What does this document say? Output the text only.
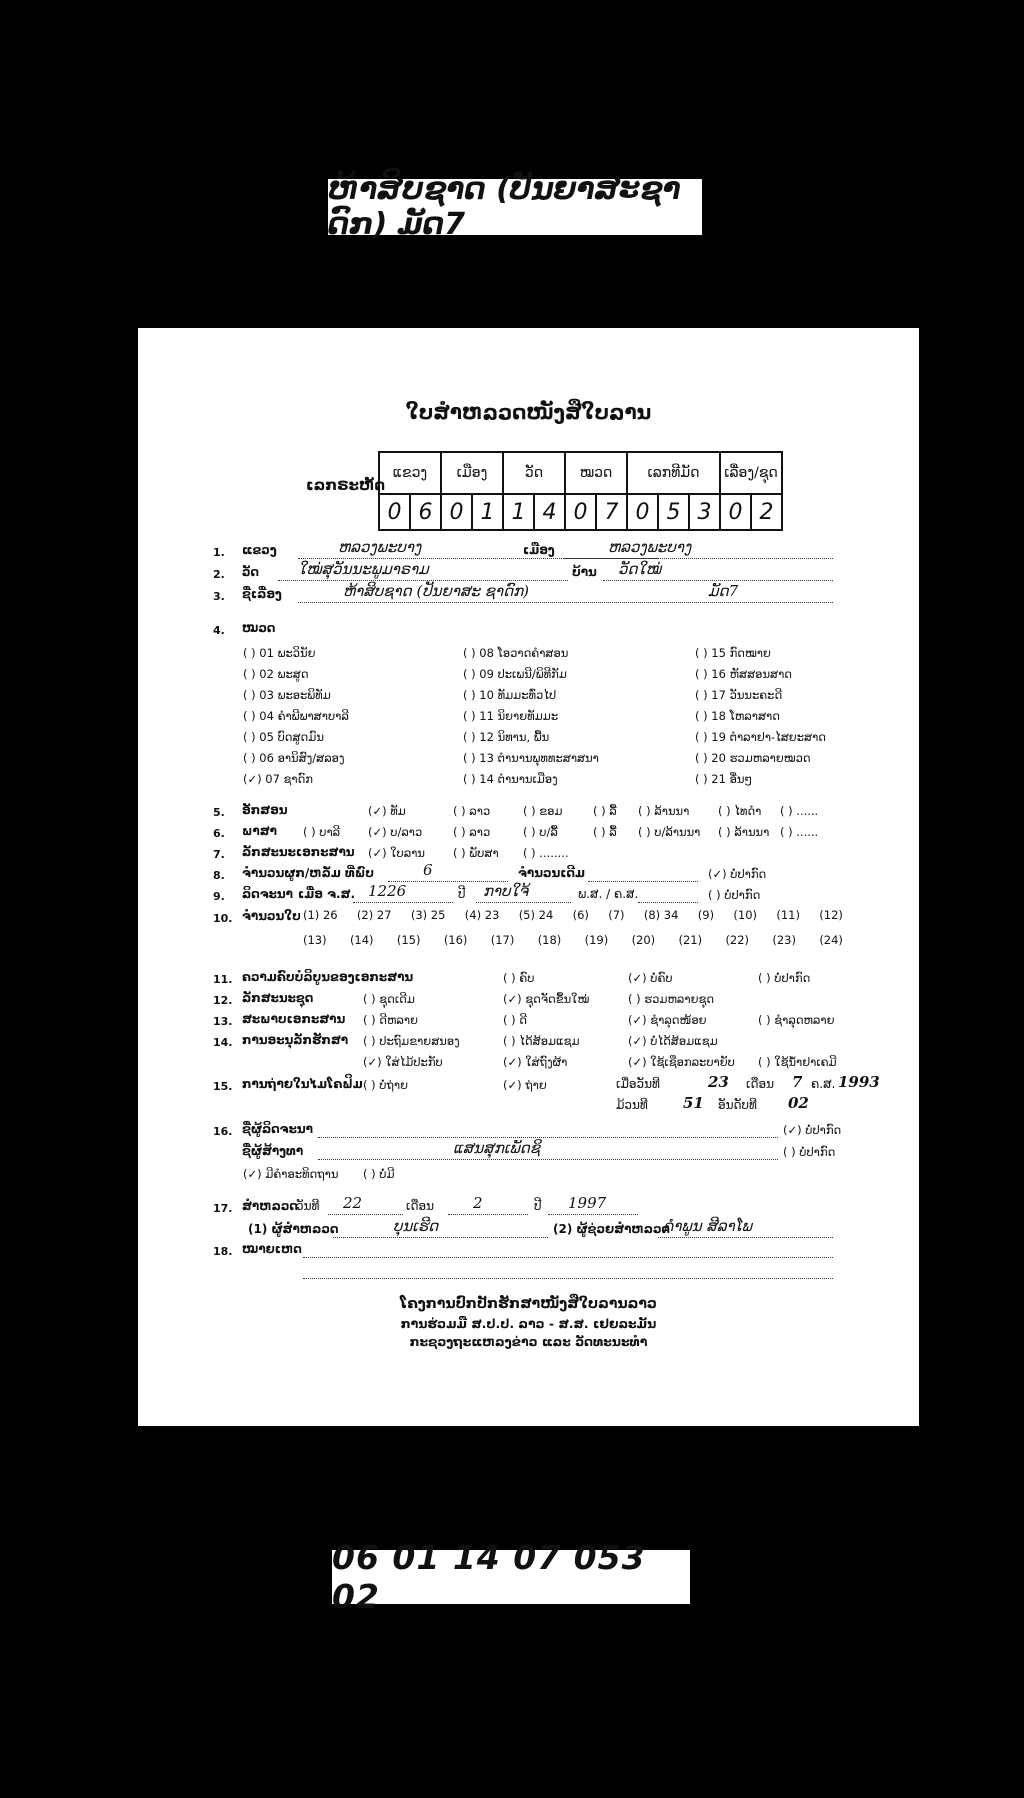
ຫ້າສິບຊາດ (ປັນຍາສະຊາດົກ) ມັດ7
ໃບສຳຫລວດໜັງສືໃບລານ
ເລກຣະຫັດ
ແຂວງ		ເມືອງ		ວັດ		ໝວດ		ເລກທີມັດ			ເລື່ອງ/ຊຸດ	
0	6	0	1	1	4	0	7	0	5	3	0	2
1. ແຂວງ	ຫລວງພະບາງ	ເມືອງ	ຫລວງພະບາງ
2. ວັດ	ໃໝ່ສຸວັນນະພູມາຣາມ	ບ້ານ ວັດໃໝ່
3. ຊື່ເລື່ອງ	ຫ້າສິບຊາດ (ປັນຍາສະ ຊາດົກ)	ມັດ7
4. ໝວດ
( ) 01 ພະວິນັຍ
( ) 02 ພະສູດ
( ) 03 ພະອະພິທັມ
( ) 04 ຄຳພີພາສາບາລີ
( ) 05 ບົດສູດມົນ
( ) 06 ອານິສົງ/ສລອງ
(✓) 07 ຊາດົກ
( ) 08 ໂອວາດຄຳສອນ
( ) 09 ປະເພນີ/ພິທີກັມ
( ) 10 ທັມມະທົ່ວໄປ
( ) 11 ນິຍາຍທັມມະ
( ) 12 ນິທານ, ພື້ນ
( ) 13 ຕຳນານພຸທທະສາສນາ
( ) 14 ຕຳນານເມືອງ
( ) 15 ກົດໝາຍ
( ) 16 ຫັສສອນສາດ
( ) 17 ວັນນະຄະດີ
( ) 18 ໂຫລາສາດ
( ) 19 ຕຳລາຢາ-ໄສຍະສາດ
( ) 20 ຮວມຫລາຍໝວດ
( ) 21 ອື່ນໆ
5. ອັກສອນ	(✓) ທັມ	( ) ລາວ	( ) ຂອມ	( ) ລື້ ( ) ລ້ານນາ ( ) ໄທດຳ ( ) ......
6. ພາສາ ( ) ບາລີ (✓) ບ/ລາວ	( ) ລາວ	( ) ບ/ລື້	( ) ລື້ ( ) ບ/ລ້ານນາ ( ) ລ້ານນາ ( ) ......
7. ລັກສະນະເອກະສານ (✓) ໃບລານ ( ) ພັບສາ ( ) ........
8. ຈຳນວນຜູກ/ຫລັ່ມ ທີ່ພົບ	6	ຈຳນວນເດີມ	(✓) ບໍ່ປາກົດ
9. ລິດຈະນາ ເມື່ອ ຈ.ສ. 1226	ປີ ກາບໃຈ້	ພ.ສ. / ຄ.ສ.	( ) ບໍ່ປາກົດ
10. ຈຳນວນໃບ (1) 26 (2) 27 (3) 25 (4) 23 (5) 24 (6) (7) (8) 34 (9) (10) (11) (12)
(13) (14) (15) (16) (17) (18) (19) (20) (21) (22) (23) (24)
11. ຄວາມຄົບບໍລິບູນຂອງເອກະສານ	( ) ຄົບ	(✓) ບໍ່ຄົບ	( ) ບໍ່ປາກົດ
12. ລັກສະນະຊຸດ	( ) ຊຸດເດີມ	(✓) ຊຸດຈັດຂຶ້ນໃໝ່	( ) ຮວມຫລາຍຊຸດ
13. ສະພາບເອກະສານ ( ) ດີຫລາຍ	( ) ດີ	(✓) ຊຳລຸດໜ້ອຍ	( ) ຊຳລຸດຫລາຍ
14. ການອະນຸລັກຮັກສາ ( ) ປະຖົມຂາຍສນອງ	( ) ໄດ້ສ້ອມແຊມ	(✓) ບໍ່ໄດ້ສ້ອມແຊມ
(✓) ໃສ່ໄມ້ປະກັບ	(✓) ໃສ່ຖົງຜ້າ	(✓) ໃຊ້ເຊືອກລະບາຍັບ ( ) ໃຊ້ນ້ຳຢາເຄມີ
15. ການຖ່າຍໃນໄມໂຄຟິມ ( ) ບໍ່ຖ່າຍ	(✓) ຖ່າຍ	ເມື່ອວັນທີ	23 ເດືອນ 7 ຄ.ສ. 1993
ມ້ວນທີ 51 ອັນດັບທີ 02
16. ຊື່ຜູ້ລິດຈະນາ	(✓) ບໍ່ປາກົດ
ຊື່ຜູ້ສ້າງທາ	ແສນສຸກເພັດຊິ	( ) ບໍ່ປາກົດ
(✓) ມີຄຳອະທິດຖານ ( ) ບໍ່ມີ
17. ສຳຫລວດ
ວັນທີ 22	ເດືອນ	2	ປີ 1997
(1) ຜູ້ສຳຫລວດ	ບຸນເຮີດ	(2) ຜູ້ຊ່ວຍສຳຫລວດ
ຄຳພູນ ສີລາໂພ
18. ໝາຍເຫດ
ໂຄງການປົກປັກຮັກສາໜັງສືໃບລານລາວ
ການຮ່ວມມື ສ.ປ.ປ. ລາວ - ສ.ສ. ເຢຍລະມັນ
ກະຊວງຖະແຫລງຂ່າວ ແລະ ວັດທະນະທຳ
06 01 14 07 053 02
